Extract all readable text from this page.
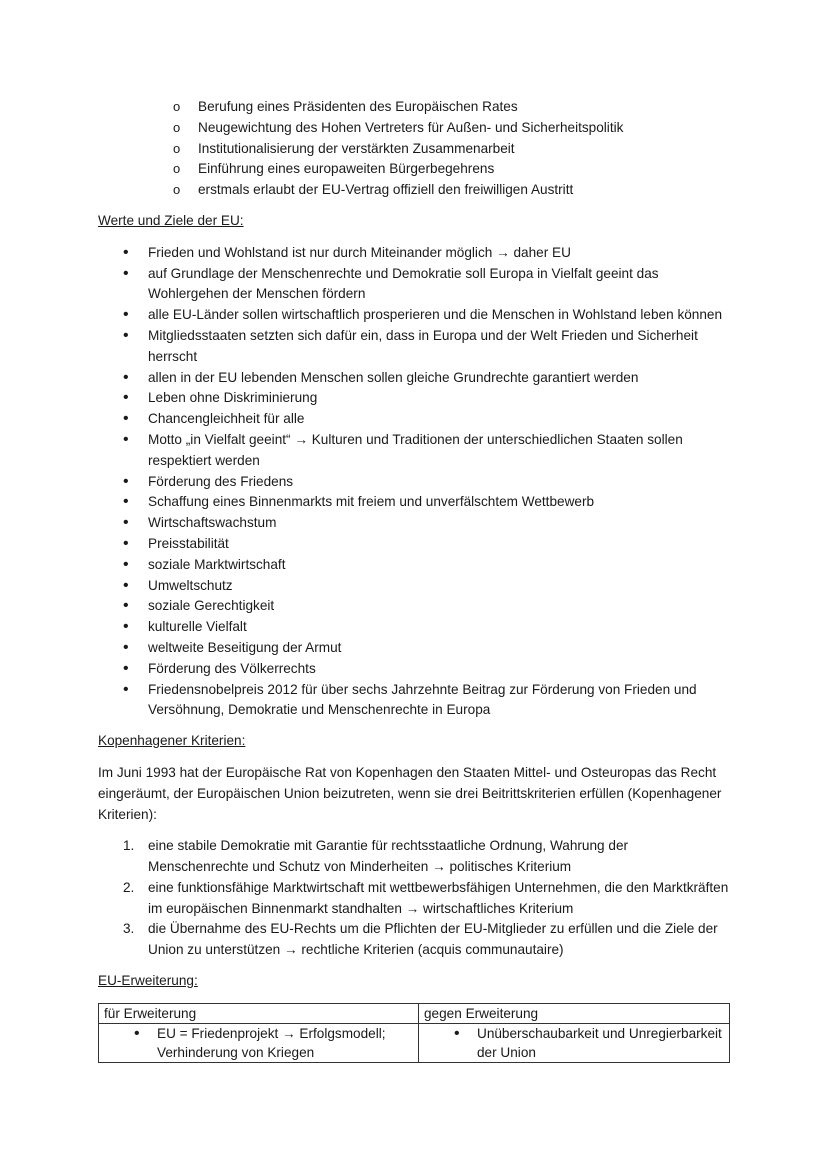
o Berufung eines Präsidenten des Europäischen Rates
o Neugewichtung des Hohen Vertreters für Außen- und Sicherheitspolitik
o Institutionalisierung der verstärkten Zusammenarbeit
o Einführung eines europaweiten Bürgerbegehrens
o erstmals erlaubt der EU-Vertrag offiziell den freiwilligen Austritt

Werte und Ziele der EU:

• Frieden und Wohlstand ist nur durch Miteinander möglich → daher EU
• auf Grundlage der Menschenrechte und Demokratie soll Europa in Vielfalt geeint das Wohlergehen der Menschen fördern
• alle EU-Länder sollen wirtschaftlich prosperieren und die Menschen in Wohlstand leben können
• Mitgliedsstaaten setzten sich dafür ein, dass in Europa und der Welt Frieden und Sicherheit herrscht
• allen in der EU lebenden Menschen sollen gleiche Grundrechte garantiert werden
• Leben ohne Diskriminierung
• Chancengleichheit für alle
• Motto „in Vielfalt geeint“ → Kulturen und Traditionen der unterschiedlichen Staaten sollen respektiert werden
• Förderung des Friedens
• Schaffung eines Binnenmarkts mit freiem und unverfälschtem Wettbewerb
• Wirtschaftswachstum
• Preisstabilität
• soziale Marktwirtschaft
• Umweltschutz
• soziale Gerechtigkeit
• kulturelle Vielfalt
• weltweite Beseitigung der Armut
• Förderung des Völkerrechts
• Friedensnobelpreis 2012 für über sechs Jahrzehnte Beitrag zur Förderung von Frieden und Versöhnung, Demokratie und Menschenrechte in Europa

Kopenhagener Kriterien:

Im Juni 1993 hat der Europäische Rat von Kopenhagen den Staaten Mittel- und Osteuropas das Recht eingeräumt, der Europäischen Union beizutreten, wenn sie drei Beitrittskriterien erfüllen (Kopenhagener Kriterien):

1. eine stabile Demokratie mit Garantie für rechtsstaatliche Ordnung, Wahrung der Menschenrechte und Schutz von Minderheiten → politisches Kriterium
2. eine funktionsfähige Marktwirtschaft mit wettbewerbsfähigen Unternehmen, die den Marktkräften im europäischen Binnenmarkt standhalten → wirtschaftliches Kriterium
3. die Übernahme des EU-Rechts um die Pflichten der EU-Mitglieder zu erfüllen und die Ziele der Union zu unterstützen → rechtliche Kriterien (acquis communautaire)

EU-Erweiterung:

für Erweiterung	gegen Erweiterung

• EU = Friedenprojekt → Erfolgsmodell; Verhinderung von Kriegen	• Unüberschaubarkeit und Unregierbarkeit der Union
